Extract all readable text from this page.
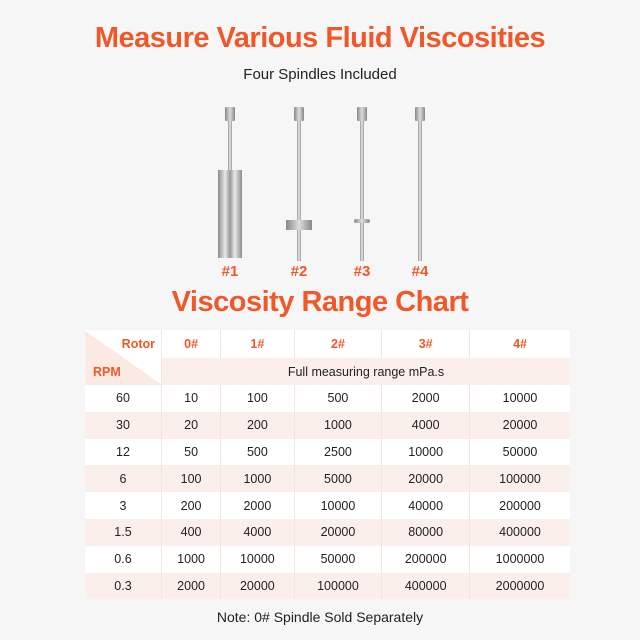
Measure Various Fluid Viscosities
Four Spindles Included
#1	#2	#3	#4
Viscosity Range Chart
Rotor
RPM	0#	1#	2#	3#	4#
	Full measuring range mPa.s				
60	10	100	500	2000	10000
30	20	200	1000	4000	20000
12	50	500	2500	10000	50000
6	100	1000	5000	20000	100000
3	200	2000	10000	40000	200000
1.5	400	4000	20000	80000	400000
0.6	1000	10000	50000	200000	1000000
0.3	2000	20000	100000	400000	2000000
Note: 0# Spindle Sold Separately
